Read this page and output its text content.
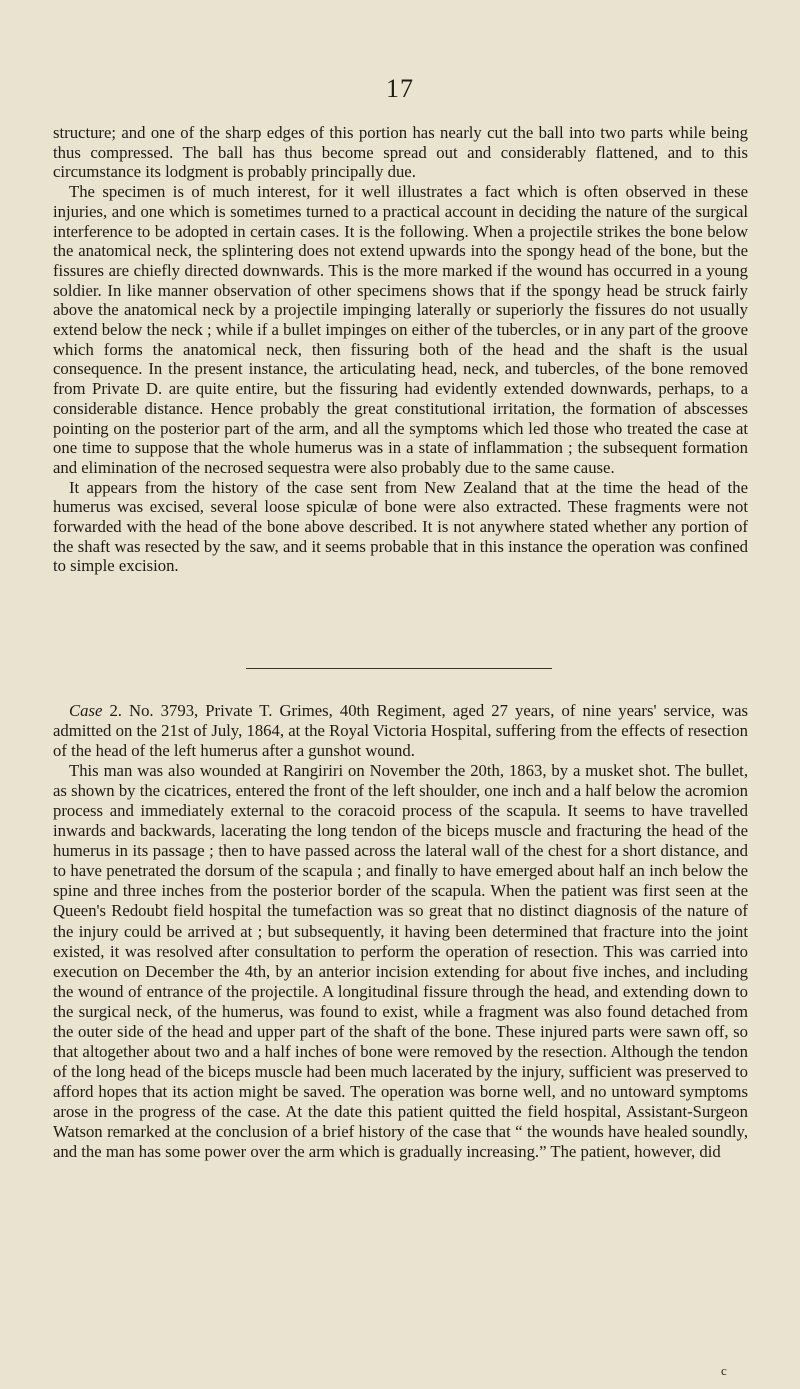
17

structure; and one of the sharp edges of this portion has nearly cut the ball into two parts while being thus compressed. The ball has thus become spread out and considerably flattened, and to this circumstance its lodgment is probably principally due.

The specimen is of much interest, for it well illustrates a fact which is often observed in these injuries, and one which is sometimes turned to a practical account in deciding the nature of the surgical interference to be adopted in certain cases. It is the following. When a projectile strikes the bone below the anatomical neck, the splintering does not extend upwards into the spongy head of the bone, but the fissures are chiefly directed downwards. This is the more marked if the wound has occurred in a young soldier. In like manner observation of other specimens shows that if the spongy head be struck fairly above the anatomical neck by a projectile impinging laterally or superiorly the fissures do not usually extend below the neck ; while if a bullet impinges on either of the tubercles, or in any part of the groove which forms the anatomical neck, then fissuring both of the head and the shaft is the usual consequence. In the present instance, the articulating head, neck, and tubercles, of the bone removed from Private D. are quite entire, but the fissuring had evidently extended downwards, perhaps, to a considerable distance. Hence probably the great constitutional irritation, the formation of abscesses pointing on the posterior part of the arm, and all the symptoms which led those who treated the case at one time to suppose that the whole humerus was in a state of inflammation ; the subsequent formation and elimination of the necrosed sequestra were also probably due to the same cause.

It appears from the history of the case sent from New Zealand that at the time the head of the humerus was excised, several loose spiculæ of bone were also extracted. These fragments were not forwarded with the head of the bone above described. It is not anywhere stated whether any portion of the shaft was resected by the saw, and it seems probable that in this instance the operation was confined to simple excision.

Case 2. No. 3793, Private T. Grimes, 40th Regiment, aged 27 years, of nine years' service, was admitted on the 21st of July, 1864, at the Royal Victoria Hospital, suffering from the effects of resection of the head of the left humerus after a gunshot wound.

This man was also wounded at Rangiriri on November the 20th, 1863, by a musket shot. The bullet, as shown by the cicatrices, entered the front of the left shoulder, one inch and a half below the acromion process and immediately external to the coracoid process of the scapula. It seems to have travelled inwards and backwards, lacerating the long tendon of the biceps muscle and fracturing the head of the humerus in its passage ; then to have passed across the lateral wall of the chest for a short distance, and to have penetrated the dorsum of the scapula ; and finally to have emerged about half an inch below the spine and three inches from the posterior border of the scapula. When the patient was first seen at the Queen's Redoubt field hospital the tumefaction was so great that no distinct diagnosis of the nature of the injury could be arrived at ; but subsequently, it having been determined that fracture into the joint existed, it was resolved after consultation to perform the operation of resection. This was carried into execution on December the 4th, by an anterior incision extending for about five inches, and including the wound of entrance of the projectile. A longitudinal fissure through the head, and extending down to the surgical neck, of the humerus, was found to exist, while a fragment was also found detached from the outer side of the head and upper part of the shaft of the bone. These injured parts were sawn off, so that altogether about two and a half inches of bone were removed by the resection. Although the tendon of the long head of the biceps muscle had been much lacerated by the injury, sufficient was preserved to afford hopes that its action might be saved. The operation was borne well, and no untoward symptoms arose in the progress of the case. At the date this patient quitted the field hospital, Assistant-Surgeon Watson remarked at the conclusion of a brief history of the case that “ the wounds have healed soundly, and the man has some power over the arm which is gradually increasing.” The patient, however, did

c
